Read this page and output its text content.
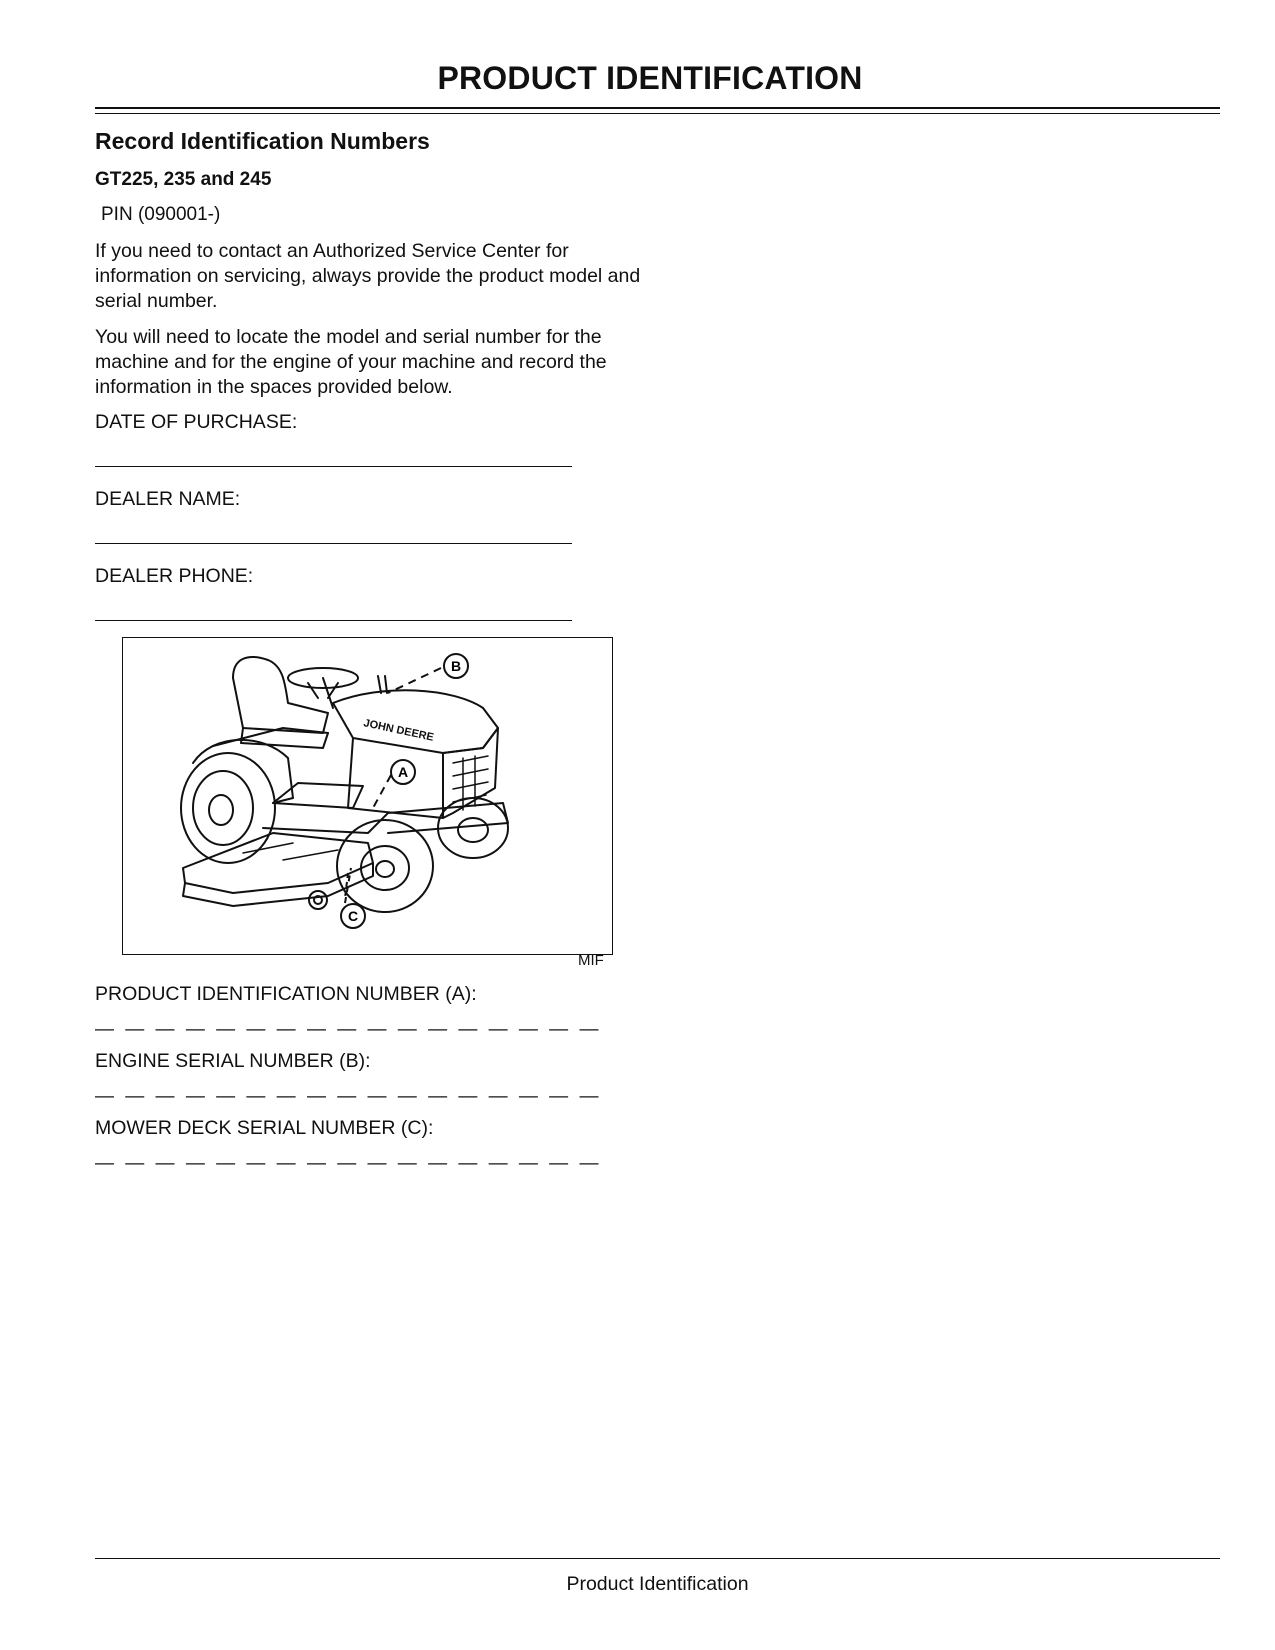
PRODUCT IDENTIFICATION
Record Identification Numbers
GT225, 235 and 245
PIN (090001-)

If you need to contact an Authorized Service Center for information on servicing, always provide the product model and serial number.

You will need to locate the model and serial number for the machine and for the engine of your machine and record the information in the spaces provided below.

DATE OF PURCHASE:
DEALER NAME:
DEALER PHONE:
JOHN DEERE
B
A
C
MIF
PRODUCT IDENTIFICATION NUMBER (A):
— — — — — — — — — — — — — — — — —
ENGINE SERIAL NUMBER (B):
— — — — — — — — — — — — — — — — —
MOWER DECK SERIAL NUMBER (C):
— — — — — — — — — — — — — — — — —
Product Identification
